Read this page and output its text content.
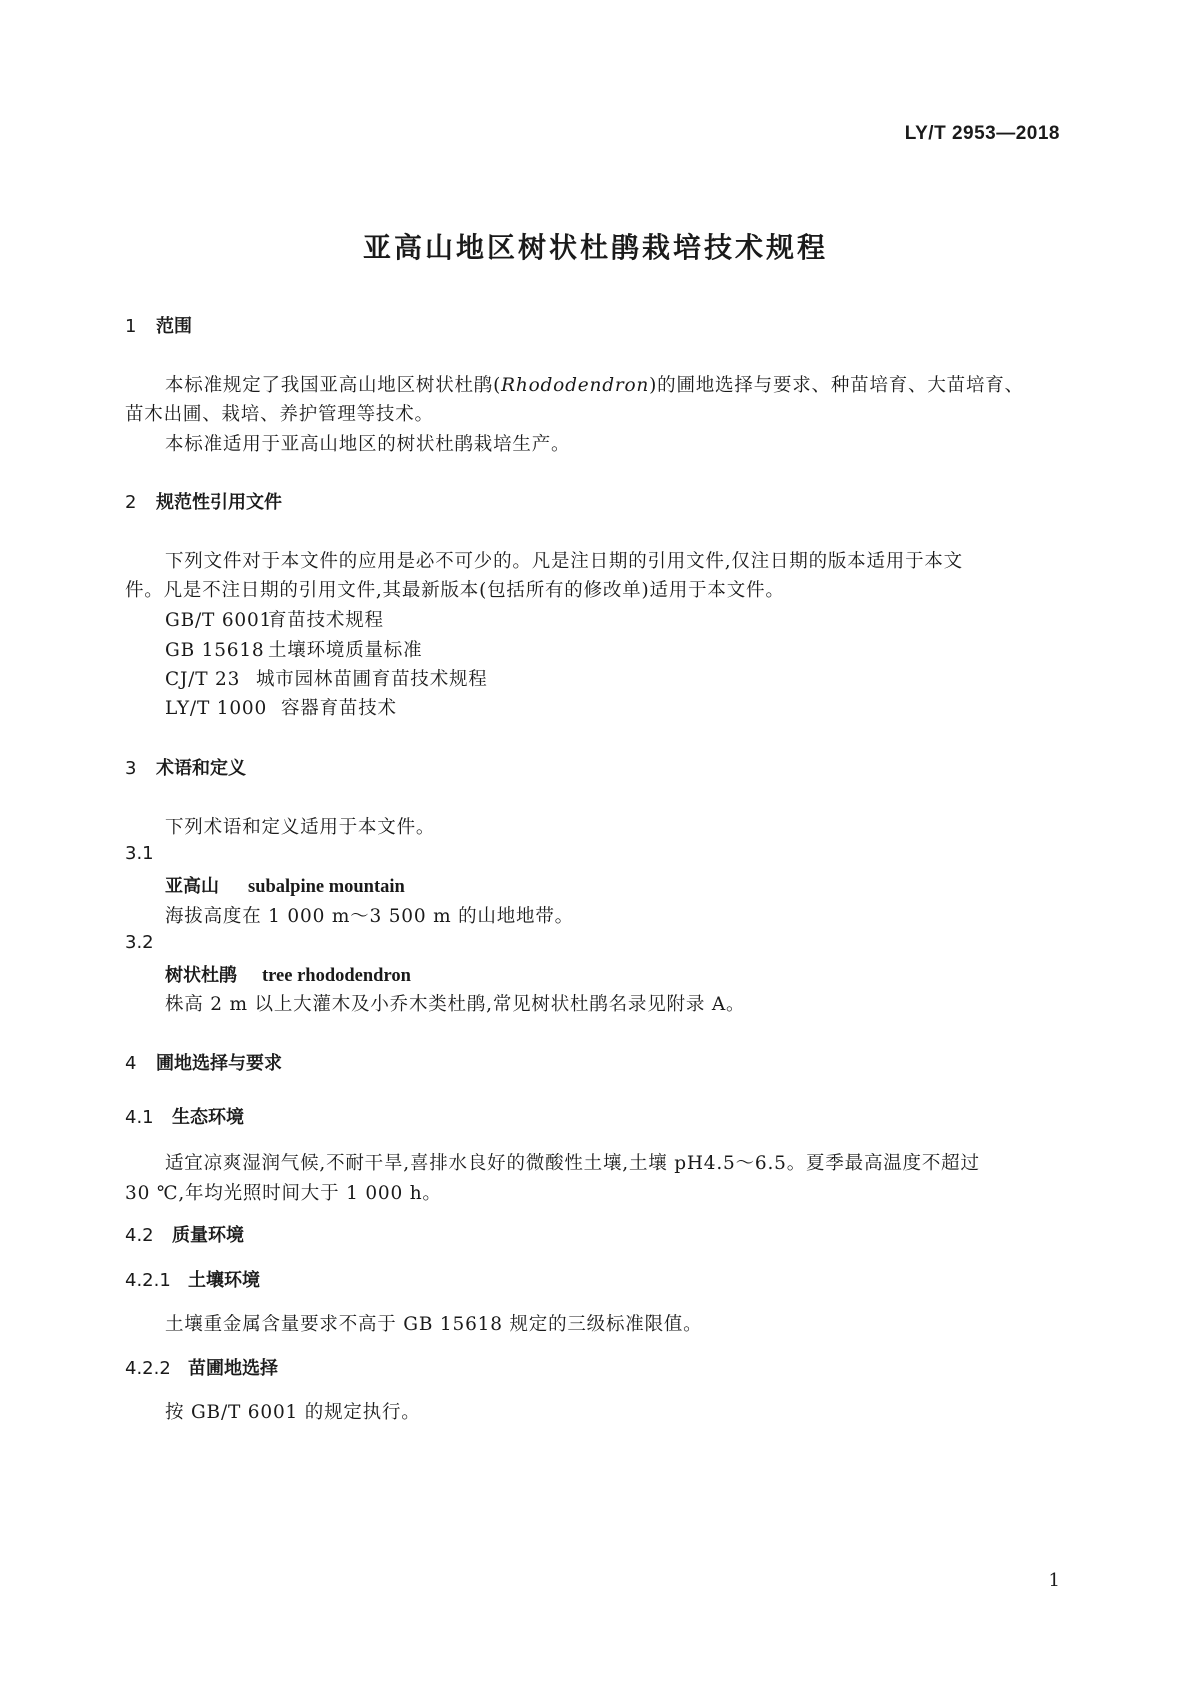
LY/T 2953—2018
亚高山地区树状杜鹃栽培技术规程
1 范围
本标准规定了我国亚高山地区树状杜鹃(Rhododendron)的圃地选择与要求、种苗培育、大苗培育、
苗木出圃、栽培、养护管理等技术。
本标准适用于亚高山地区的树状杜鹃栽培生产。
2 规范性引用文件
下列文件对于本文件的应用是必不可少的。凡是注日期的引用文件,仅注日期的版本适用于本文
件。凡是不注日期的引用文件,其最新版本(包括所有的修改单)适用于本文件。
GB/T 6001育苗技术规程
GB 15618 土壤环境质量标准
CJ/T 23 城市园林苗圃育苗技术规程
LY/T 1000 容器育苗技术
3 术语和定义
下列术语和定义适用于本文件。
3.1
亚高山 subalpine mountain
海拔高度在 1 000 m～3 500 m 的山地地带。
3.2
树状杜鹃 tree rhododendron
株高 2 m 以上大灌木及小乔木类杜鹃,常见树状杜鹃名录见附录 A。
4 圃地选择与要求
4.1 生态环境
适宜凉爽湿润气候,不耐干旱,喜排水良好的微酸性土壤,土壤 pH4.5～6.5。夏季最高温度不超过
30 ℃,年均光照时间大于 1 000 h。
4.2 质量环境
4.2.1 土壤环境
土壤重金属含量要求不高于 GB 15618 规定的三级标准限值。
4.2.2 苗圃地选择
按 GB/T 6001 的规定执行。
1
